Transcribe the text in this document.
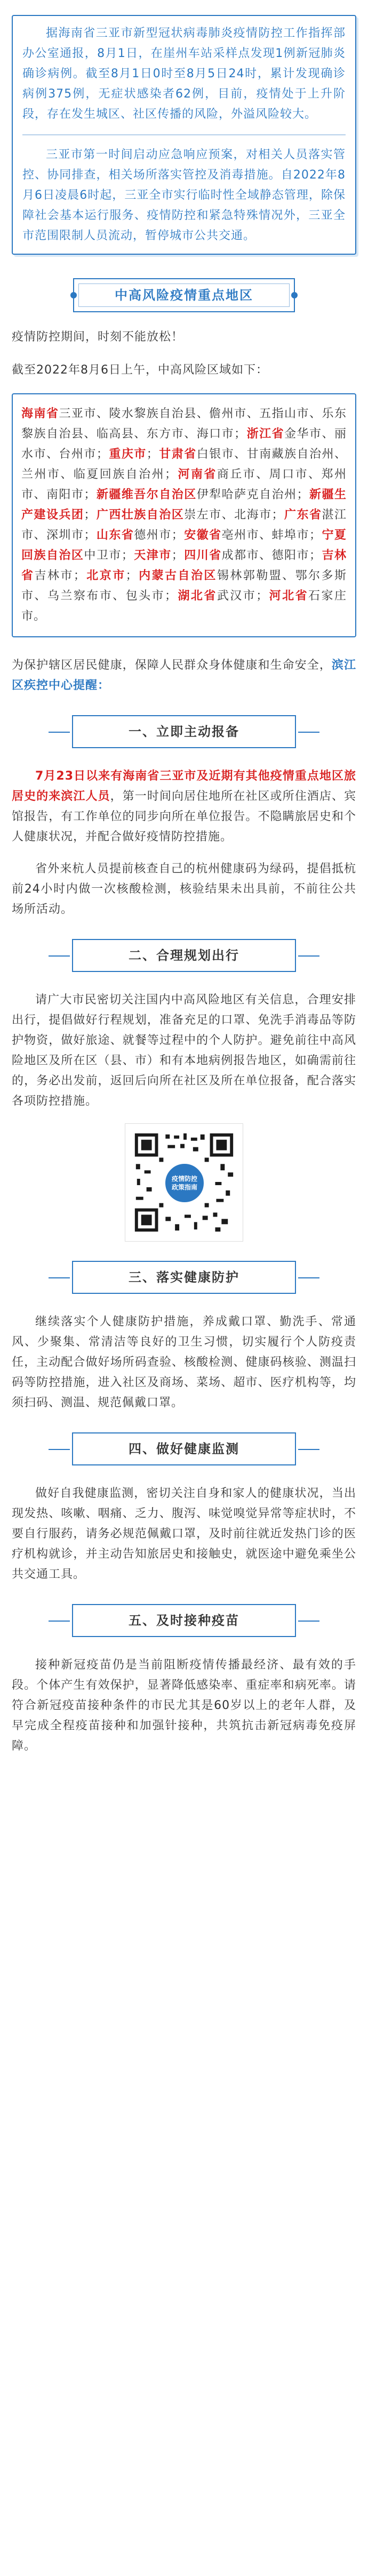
据海南省三亚市新型冠状病毒肺炎疫情防控工作指挥部办公室通报，8月1日，在崖州车站采样点发现1例新冠肺炎确诊病例。截至8月1日0时至8月5日24时，累计发现确诊病例375例，无症状感染者62例，目前，疫情处于上升阶段，存在发生城区、社区传播的风险，外溢风险较大。

三亚市第一时间启动应急响应预案，对相关人员落实管控、协同排查，相关场所落实管控及消毒措施。自2022年8月6日凌晨6时起，三亚全市实行临时性全域静态管理，除保障社会基本运行服务、疫情防控和紧急特殊情况外，三亚全市范围限制人员流动，暂停城市公共交通。

中高风险疫情重点地区

疫情防控期间，时刻不能放松！

截至2022年8月6日上午，中高风险区域如下：

海南省三亚市、陵水黎族自治县、儋州市、五指山市、乐东黎族自治县、临高县、东方市、海口市；浙江省金华市、丽水市、台州市；重庆市；甘肃省白银市、甘南藏族自治州、兰州市、临夏回族自治州；河南省商丘市、周口市、郑州市、南阳市；新疆维吾尔自治区伊犁哈萨克自治州；新疆生产建设兵团；广西壮族自治区崇左市、北海市；广东省湛江市、深圳市；山东省德州市；安徽省亳州市、蚌埠市；宁夏回族自治区中卫市；天津市；四川省成都市、德阳市；吉林省吉林市；北京市；内蒙古自治区锡林郭勒盟、鄂尔多斯市、乌兰察布市、包头市；湖北省武汉市；河北省石家庄市。

为保护辖区居民健康，保障人民群众身体健康和生命安全，滨江区疾控中心提醒：

一、立即主动报备

7月23日以来有海南省三亚市及近期有其他疫情重点地区旅居史的来滨江人员，第一时间向居住地所在社区或所住酒店、宾馆报告，有工作单位的同步向所在单位报告。不隐瞒旅居史和个人健康状况，并配合做好疫情防控措施。

省外来杭人员提前核查自己的杭州健康码为绿码，提倡抵杭前24小时内做一次核酸检测，核验结果未出具前，不前往公共场所活动。

二、合理规划出行

请广大市民密切关注国内中高风险地区有关信息，合理安排出行，提倡做好行程规划，准备充足的口罩、免洗手消毒品等防护物资，做好旅途、就餐等过程中的个人防护。避免前往中高风险地区及所在区（县、市）和有本地病例报告地区，如确需前往的，务必出发前，返回后向所在社区及所在单位报备，配合落实各项防控措施。

疫情防控
政策指南
三、落实健康防护

继续落实个人健康防护措施，养成戴口罩、勤洗手、常通风、少聚集、常清洁等良好的卫生习惯，切实履行个人防疫责任，主动配合做好场所码查验、核酸检测、健康码核验、测温扫码等防控措施，进入社区及商场、菜场、超市、医疗机构等，均须扫码、测温、规范佩戴口罩。

四、做好健康监测

做好自我健康监测，密切关注自身和家人的健康状况，当出现发热、咳嗽、咽痛、乏力、腹泻、味觉嗅觉异常等症状时，不要自行服药，请务必规范佩戴口罩，及时前往就近发热门诊的医疗机构就诊，并主动告知旅居史和接触史，就医途中避免乘坐公共交通工具。

五、及时接种疫苗

接种新冠疫苗仍是当前阻断疫情传播最经济、最有效的手段。个体产生有效保护，显著降低感染率、重症率和病死率。请符合新冠疫苗接种条件的市民尤其是60岁以上的老年人群，及早完成全程疫苗接种和加强针接种，共筑抗击新冠病毒免疫屏障。
